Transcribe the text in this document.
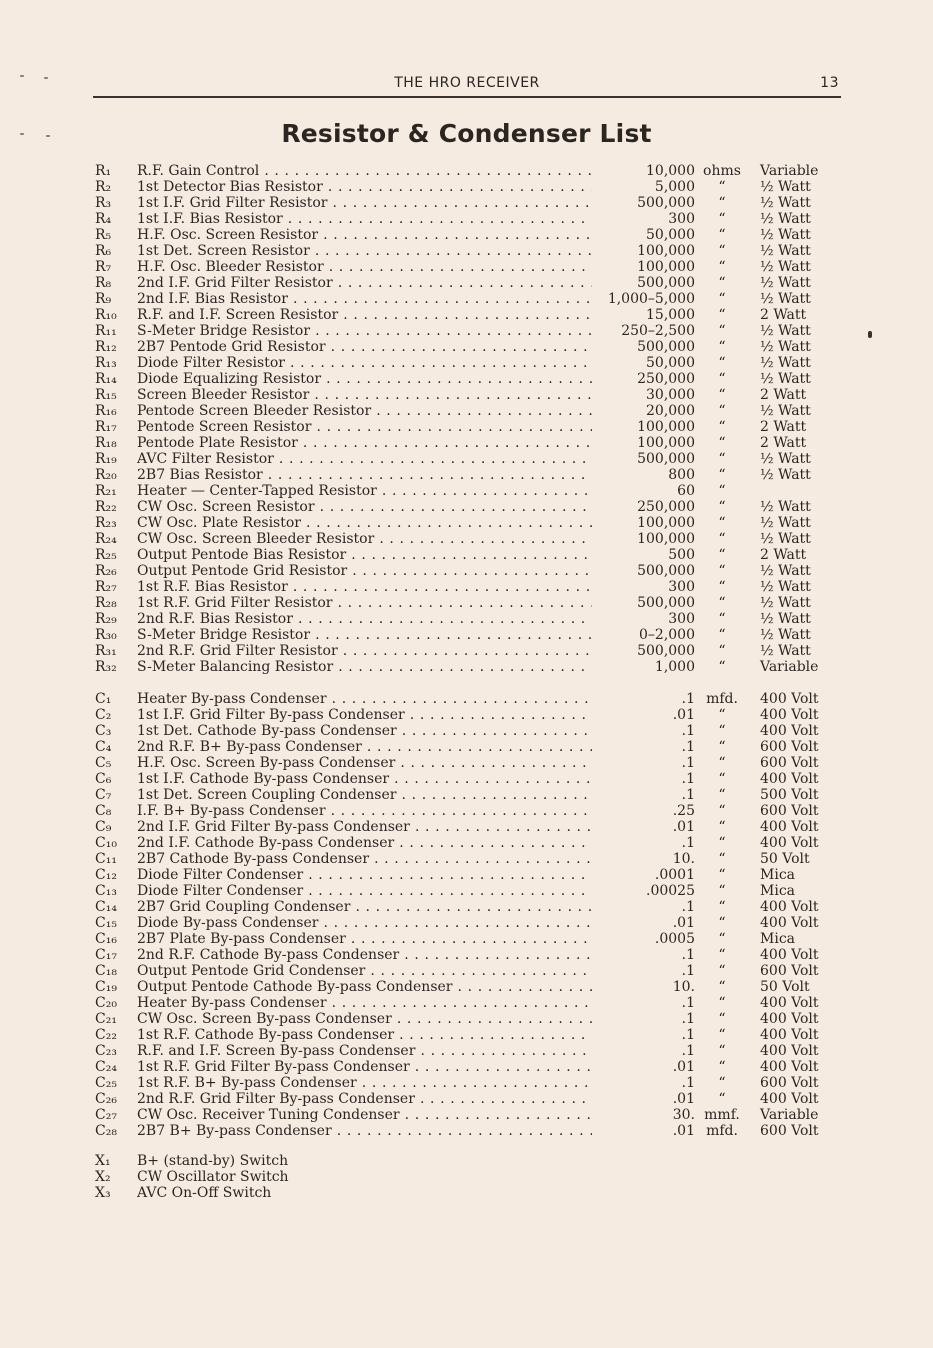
THE HRO RECEIVER	13
Resistor & Condenser List
R₁	R.F. Gain Control . . .	10,000 ohms	Variable
R₂	1st Detector Bias Resistor . . .	5,000	“	½ Watt
R₃	1st I.F. Grid Filter Resistor . . .	500,000	“	½ Watt
R₄	1st I.F. Bias Resistor . . .	300	“	½ Watt
R₅	H.F. Osc. Screen Resistor . . .	50,000	“	½ Watt
R₆	1st Det. Screen Resistor . . .	100,000	“	½ Watt
R₇	H.F. Osc. Bleeder Resistor . . .	100,000	“	½ Watt
R₈	2nd I.F. Grid Filter Resistor . . .	500,000	“	½ Watt
R₉	2nd I.F. Bias Resistor . . .	1,000–5,000	“	½ Watt
R₁₀	R.F. and I.F. Screen Resistor . . .	15,000	“	2 Watt
R₁₁	S-Meter Bridge Resistor . . .	250–2,500	“	½ Watt
R₁₂	2B7 Pentode Grid Resistor . . .	500,000	“	½ Watt
R₁₃	Diode Filter Resistor . . .	50,000	“	½ Watt
R₁₄	Diode Equalizing Resistor . . .	250,000	“	½ Watt
R₁₅	Screen Bleeder Resistor . . .	30,000	“	2 Watt
R₁₆	Pentode Screen Bleeder Resistor . . .	20,000	“	½ Watt
R₁₇	Pentode Screen Resistor . . .	100,000	“	2 Watt
R₁₈	Pentode Plate Resistor . . .	100,000	“	2 Watt
R₁₉	AVC Filter Resistor . . .	500,000	“	½ Watt
R₂₀	2B7 Bias Resistor . . .	800	“	½ Watt
R₂₁	Heater — Center-Tapped Resistor . . .	60	“
R₂₂	CW Osc. Screen Resistor . . .	250,000	“	½ Watt
R₂₃	CW Osc. Plate Resistor . . .	100,000	“	½ Watt
R₂₄	CW Osc. Screen Bleeder Resistor . . .	100,000	“	½ Watt
R₂₅	Output Pentode Bias Resistor . . .	500	“	2 Watt
R₂₆	Output Pentode Grid Resistor . . .	500,000	“	½ Watt
R₂₇	1st R.F. Bias Resistor . . .	300	“	½ Watt
R₂₈	1st R.F. Grid Filter Resistor . . .	500,000	“	½ Watt
R₂₉	2nd R.F. Bias Resistor . . .	300	“	½ Watt
R₃₀	S-Meter Bridge Resistor . . .	0–2,000	“	½ Watt
R₃₁	2nd R.F. Grid Filter Resistor . . .	500,000	“	½ Watt
R₃₂	S-Meter Balancing Resistor . . .	1,000	“	Variable
C₁	Heater By-pass Condenser . . .	.1 mfd.	400 Volt
C₂	1st I.F. Grid Filter By-pass Condenser . . .	.01	“	400 Volt
C₃	1st Det. Cathode By-pass Condenser . . .	.1	“	400 Volt
C₄	2nd R.F. B+ By-pass Condenser . . .	.1	“	600 Volt
C₅	H.F. Osc. Screen By-pass Condenser . . .	.1	“	600 Volt
C₆	1st I.F. Cathode By-pass Condenser . . .	.1	“	400 Volt
C₇	1st Det. Screen Coupling Condenser . . .	.1	“	500 Volt
C₈	I.F. B+ By-pass Condenser . . .	.25	“	600 Volt
C₉	2nd I.F. Grid Filter By-pass Condenser . . .	.01	“	400 Volt
C₁₀	2nd I.F. Cathode By-pass Condenser . . .	.1	“	400 Volt
C₁₁	2B7 Cathode By-pass Condenser . . .	10.	“	50 Volt
C₁₂	Diode Filter Condenser . . .	.0001	“	Mica
C₁₃	Diode Filter Condenser . . .	.00025	“	Mica
C₁₄	2B7 Grid Coupling Condenser . . .	.1	“	400 Volt
C₁₅	Diode By-pass Condenser . . .	.01	“	400 Volt
C₁₆	2B7 Plate By-pass Condenser . . .	.0005	“	Mica
C₁₇	2nd R.F. Cathode By-pass Condenser . . .	.1	“	400 Volt
C₁₈	Output Pentode Grid Condenser . . .	.1	“	600 Volt
C₁₉	Output Pentode Cathode By-pass Condenser . . .	10.	“	50 Volt
C₂₀	Heater By-pass Condenser . . .	.1	“	400 Volt
C₂₁	CW Osc. Screen By-pass Condenser . . .	.1	“	400 Volt
C₂₂	1st R.F. Cathode By-pass Condenser . . .	.1	“	400 Volt
C₂₃	R.F. and I.F. Screen By-pass Condenser . . .	.1	“	400 Volt
C₂₄	1st R.F. Grid Filter By-pass Condenser . . .	.01	“	400 Volt
C₂₅	1st R.F. B+ By-pass Condenser . . .	.1	“	600 Volt
C₂₆	2nd R.F. Grid Filter By-pass Condenser . . .	.01	“	400 Volt
C₂₇	CW Osc. Receiver Tuning Condenser . . .	30. mmf.	Variable
C₂₈	2B7 B+ By-pass Condenser . . .	.01 mfd.	600 Volt
X₁	B+ (stand-by) Switch
X₂	CW Oscillator Switch
X₃	AVC On-Off Switch
